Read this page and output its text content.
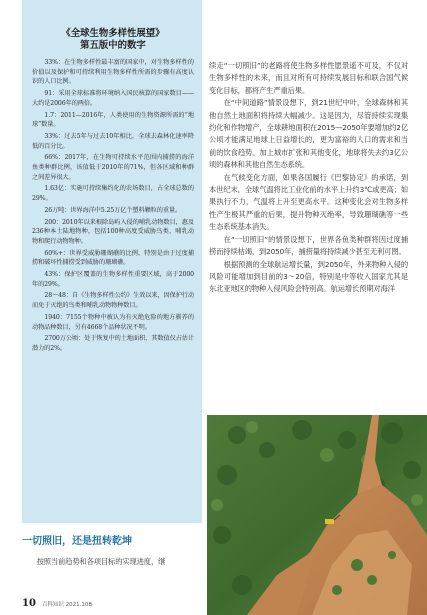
《全球生物多样性展望》

第五版中的数字

33%：在生物多样性最丰富的国家中，对生物多样性的价值以及保护和可持续利用生物多样性所需的步骤有高度认识的人口比例。

91：采用全球标准将环境纳入国民核算的国家数目——大约是2006年的两倍。

1.7：2011—2016年，人类使用的生物资源所需的“地球”数量。

33%：过去5年与过去10年相比，全球去森林化速率降低的百分比。

66%：2017年，在生物可持续水平范围内捕捞的海洋鱼类种群比例，该值低于2010年的71%，但各区域和种群之间差异很大。

1.63亿：实施可持续集约化的农场数目，占全球总数的29%。

26万吨：世界海洋中5.25万亿个塑料颗粒的重量。

200：2010年以来根除岛屿入侵的哺乳动物数目，惠及236种本土陆地物种，包括100种高度受威胁鸟类、哺乳动物和爬行动物物种。

60%+：世界受威胁珊瑚礁的比例，特别是由于过度捕捞和破坏性捕捞受到威胁的珊瑚礁。

43%：保护区覆盖的生物多样性重要区域，高于2000年的29%。

28～48：自《生物多样性公约》生效以来，因保护行动而免于灭绝的鸟类和哺乳动物物种数目。

1940：7155个物种中被认为有灭绝危险的地方驯养的动物品种数目，另有4668个品种状况不明。

2700万公顷：处于恢复中的土地面积，其数值仅占估计潜力的2%。

续走“一切照旧”的老路将使生物多样性愿景遥不可及，不仅对生物多样性的未来，而且对所有可持续发展目标和联合国气候变化目标，都将产生严重后果。

在“中间道路”情景设想下，到21世纪中叶，全球森林和其他自然土地面积将持续大幅减少。这是因为，尽管持续实现集约化和作物增产，全球耕地面积在2015—2050年要增加约2亿公顷才能满足地球上日益增长的，更为富裕的人口的需求和当前的饮食趋势。加上城市扩张和其他变化，地球将失去约3亿公顷的森林和其他自然生态系统。

在气候变化方面，如果各国履行《巴黎协定》的承诺，到本世纪末，全球气温将比工业化前的水平上升约3℃或更高；如果执行不力，气温将上升至更高水平。这种变化会对生物多样性产生极其严重的后果，提升物种灭绝率，导致珊瑚礁等一些生态系统基本消失。

在“一切照旧”的情景设想下，世界各鱼类种群将因过度捕捞而持续枯竭，到2050年，捕捞量将持续减少甚至无利可图。

根据预测的全球航运增长量，到2050年，外来物种入侵的风险可能增加到目前的3～20倍，特别是中等收入国家尤其是东北亚地区的物种入侵风险会特别高。航运增长预期对海洋

一切照旧，还是扭转乾坤

按照当前趋势和各项目标的实现进度，继

10 百科知识 2021.10B
